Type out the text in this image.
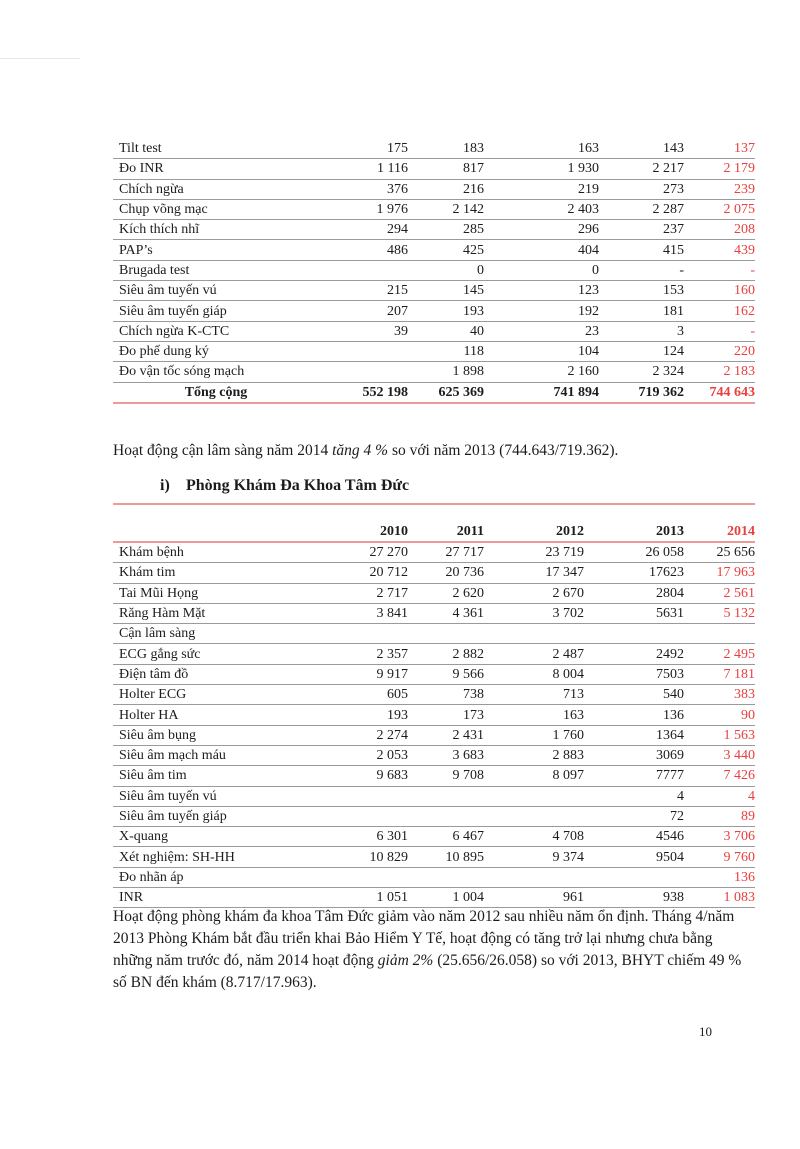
Tilt test	175	183	163	143	137
Đo INR	1 116	817	1 930	2 217	2 179
Chích ngừa	376	216	219	273	239
Chụp võng mạc	1 976	2 142	2 403	2 287	2 075
Kích thích nhĩ	294	285	296	237	208
PAP’s	486	425	404	415	439
Brugada test		0	0	-	-
Siêu âm tuyến vú	215	145	123	153	160
Siêu âm tuyến giáp	207	193	192	181	162
Chích ngừa K-CTC	39	40	23	3	-
Đo phế dung ký		118	104	124	220
Đo vận tốc sóng mạch		1 898	2 160	2 324	2 183
Tổng cộng	552 198	625 369	741 894	719 362	744 643

Hoạt động cận lâm sàng năm 2014 tăng 4 % so với năm 2013 (744.643/719.362).

i) Phòng Khám Đa Khoa Tâm Đức
	2010	2011	2012	2013	2014
Khám bệnh	27 270	27 717	23 719	26 058	25 656
Khám tim	20 712	20 736	17 347	17623	17 963
Tai Mũi Họng	2 717	2 620	2 670	2804	2 561
Răng Hàm Mặt	3 841	4 361	3 702	5631	5 132
Cận lâm sàng					
ECG gắng sức	2 357	2 882	2 487	2492	2 495
Điện tâm đồ	9 917	9 566	8 004	7503	7 181
Holter ECG	605	738	713	540	383
Holter HA	193	173	163	136	90
Siêu âm bụng	2 274	2 431	1 760	1364	1 563
Siêu âm mạch máu	2 053	3 683	2 883	3069	3 440
Siêu âm tim	9 683	9 708	8 097	7777	7 426
Siêu âm tuyến vú				4	4
Siêu âm tuyến giáp				72	89
X-quang	6 301	6 467	4 708	4546	3 706
Xét nghiệm: SH-HH	10 829	10 895	9 374	9504	9 760
Đo nhãn áp					136
INR	1 051	1 004	961	938	1 083

Hoạt động phòng khám đa khoa Tâm Đức giảm vào năm 2012 sau nhiều năm ổn định. Tháng 4/năm 2013 Phòng Khám bắt đầu triển khai Bảo Hiểm Y Tế, hoạt động có tăng trở lại nhưng chưa bằng những năm trước đó, năm 2014 hoạt động giảm 2% (25.656/26.058) so với 2013, BHYT chiếm 49 % số BN đến khám (8.717/17.963).

10
